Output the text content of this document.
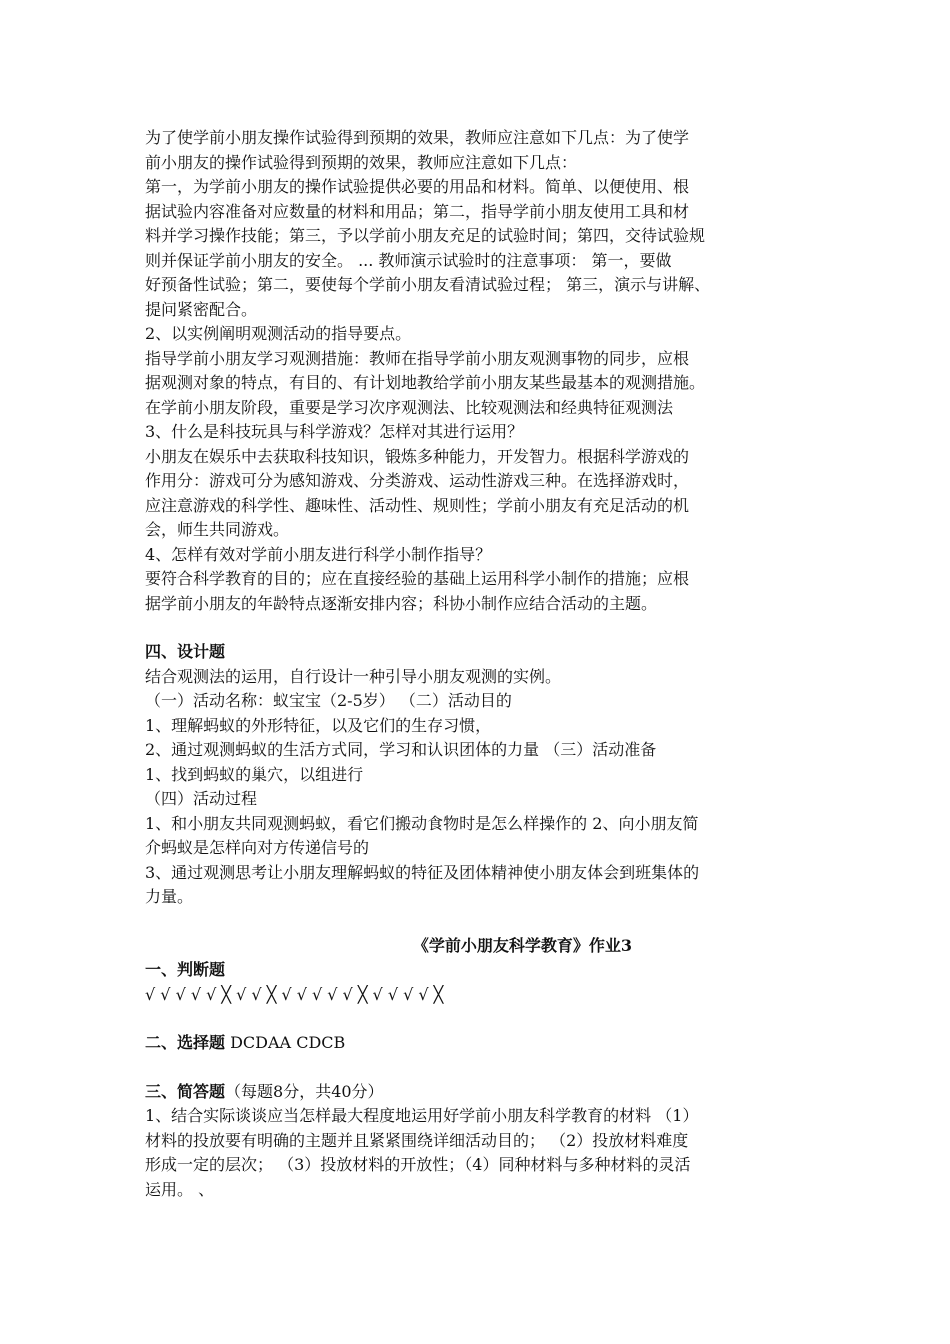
为了使学前小朋友操作试验得到预期的效果，教师应注意如下几点：为了使学

前小朋友的操作试验得到预期的效果，教师应注意如下几点：

第一，为学前小朋友的操作试验提供必要的用品和材料。简单、以便使用、根

据试验内容准备对应数量的材料和用品；第二，指导学前小朋友使用工具和材

料并学习操作技能；第三，予以学前小朋友充足的试验时间；第四，交待试验规

则并保证学前小朋友的安全。 ... 教师演示试验时的注意事项： 第一，要做

好预备性试验；第二，要使每个学前小朋友看清试验过程； 第三，演示与讲解、

提问紧密配合。

2、以实例阐明观测活动的指导要点。

指导学前小朋友学习观测措施：教师在指导学前小朋友观测事物的同步，应根

据观测对象的特点，有目的、有计划地教给学前小朋友某些最基本的观测措施。

在学前小朋友阶段，重要是学习次序观测法、比较观测法和经典特征观测法

3、什么是科技玩具与科学游戏？怎样对其进行运用？

小朋友在娱乐中去获取科技知识，锻炼多种能力，开发智力。根据科学游戏的

作用分：游戏可分为感知游戏、分类游戏、运动性游戏三种。在选择游戏时，

应注意游戏的科学性、趣味性、活动性、规则性；学前小朋友有充足活动的机

会，师生共同游戏。

4、怎样有效对学前小朋友进行科学小制作指导？

要符合科学教育的目的；应在直接经验的基础上运用科学小制作的措施；应根

据学前小朋友的年龄特点逐渐安排内容；科协小制作应结合活动的主题。

四、设计题

结合观测法的运用，自行设计一种引导小朋友观测的实例。

（一）活动名称：蚁宝宝（2-5岁） （二）活动目的

1、理解蚂蚁的外形特征，以及它们的生存习惯，

2、通过观测蚂蚁的生活方式同，学习和认识团体的力量 （三）活动准备

1、找到蚂蚁的巢穴，以组进行

（四）活动过程

1、和小朋友共同观测蚂蚁，看它们搬动食物时是怎么样操作的 2、向小朋友简

介蚂蚁是怎样向对方传递信号的

3、通过观测思考让小朋友理解蚂蚁的特征及团体精神使小朋友体会到班集体的

力量。

《学前小朋友科学教育》作业3

一、判断题

√ √ √ √ √ ╳ √ √ ╳ √ √ √ √ √ ╳ √ √ √ √ ╳

二、选择题 DCDAA CDCB

三、简答题（每题8分，共40分）

1、结合实际谈谈应当怎样最大程度地运用好学前小朋友科学教育的材料 （1）

材料的投放要有明确的主题并且紧紧围绕详细活动目的； （2）投放材料难度

形成一定的层次； （3）投放材料的开放性；（4）同种材料与多种材料的灵活

运用。 、
